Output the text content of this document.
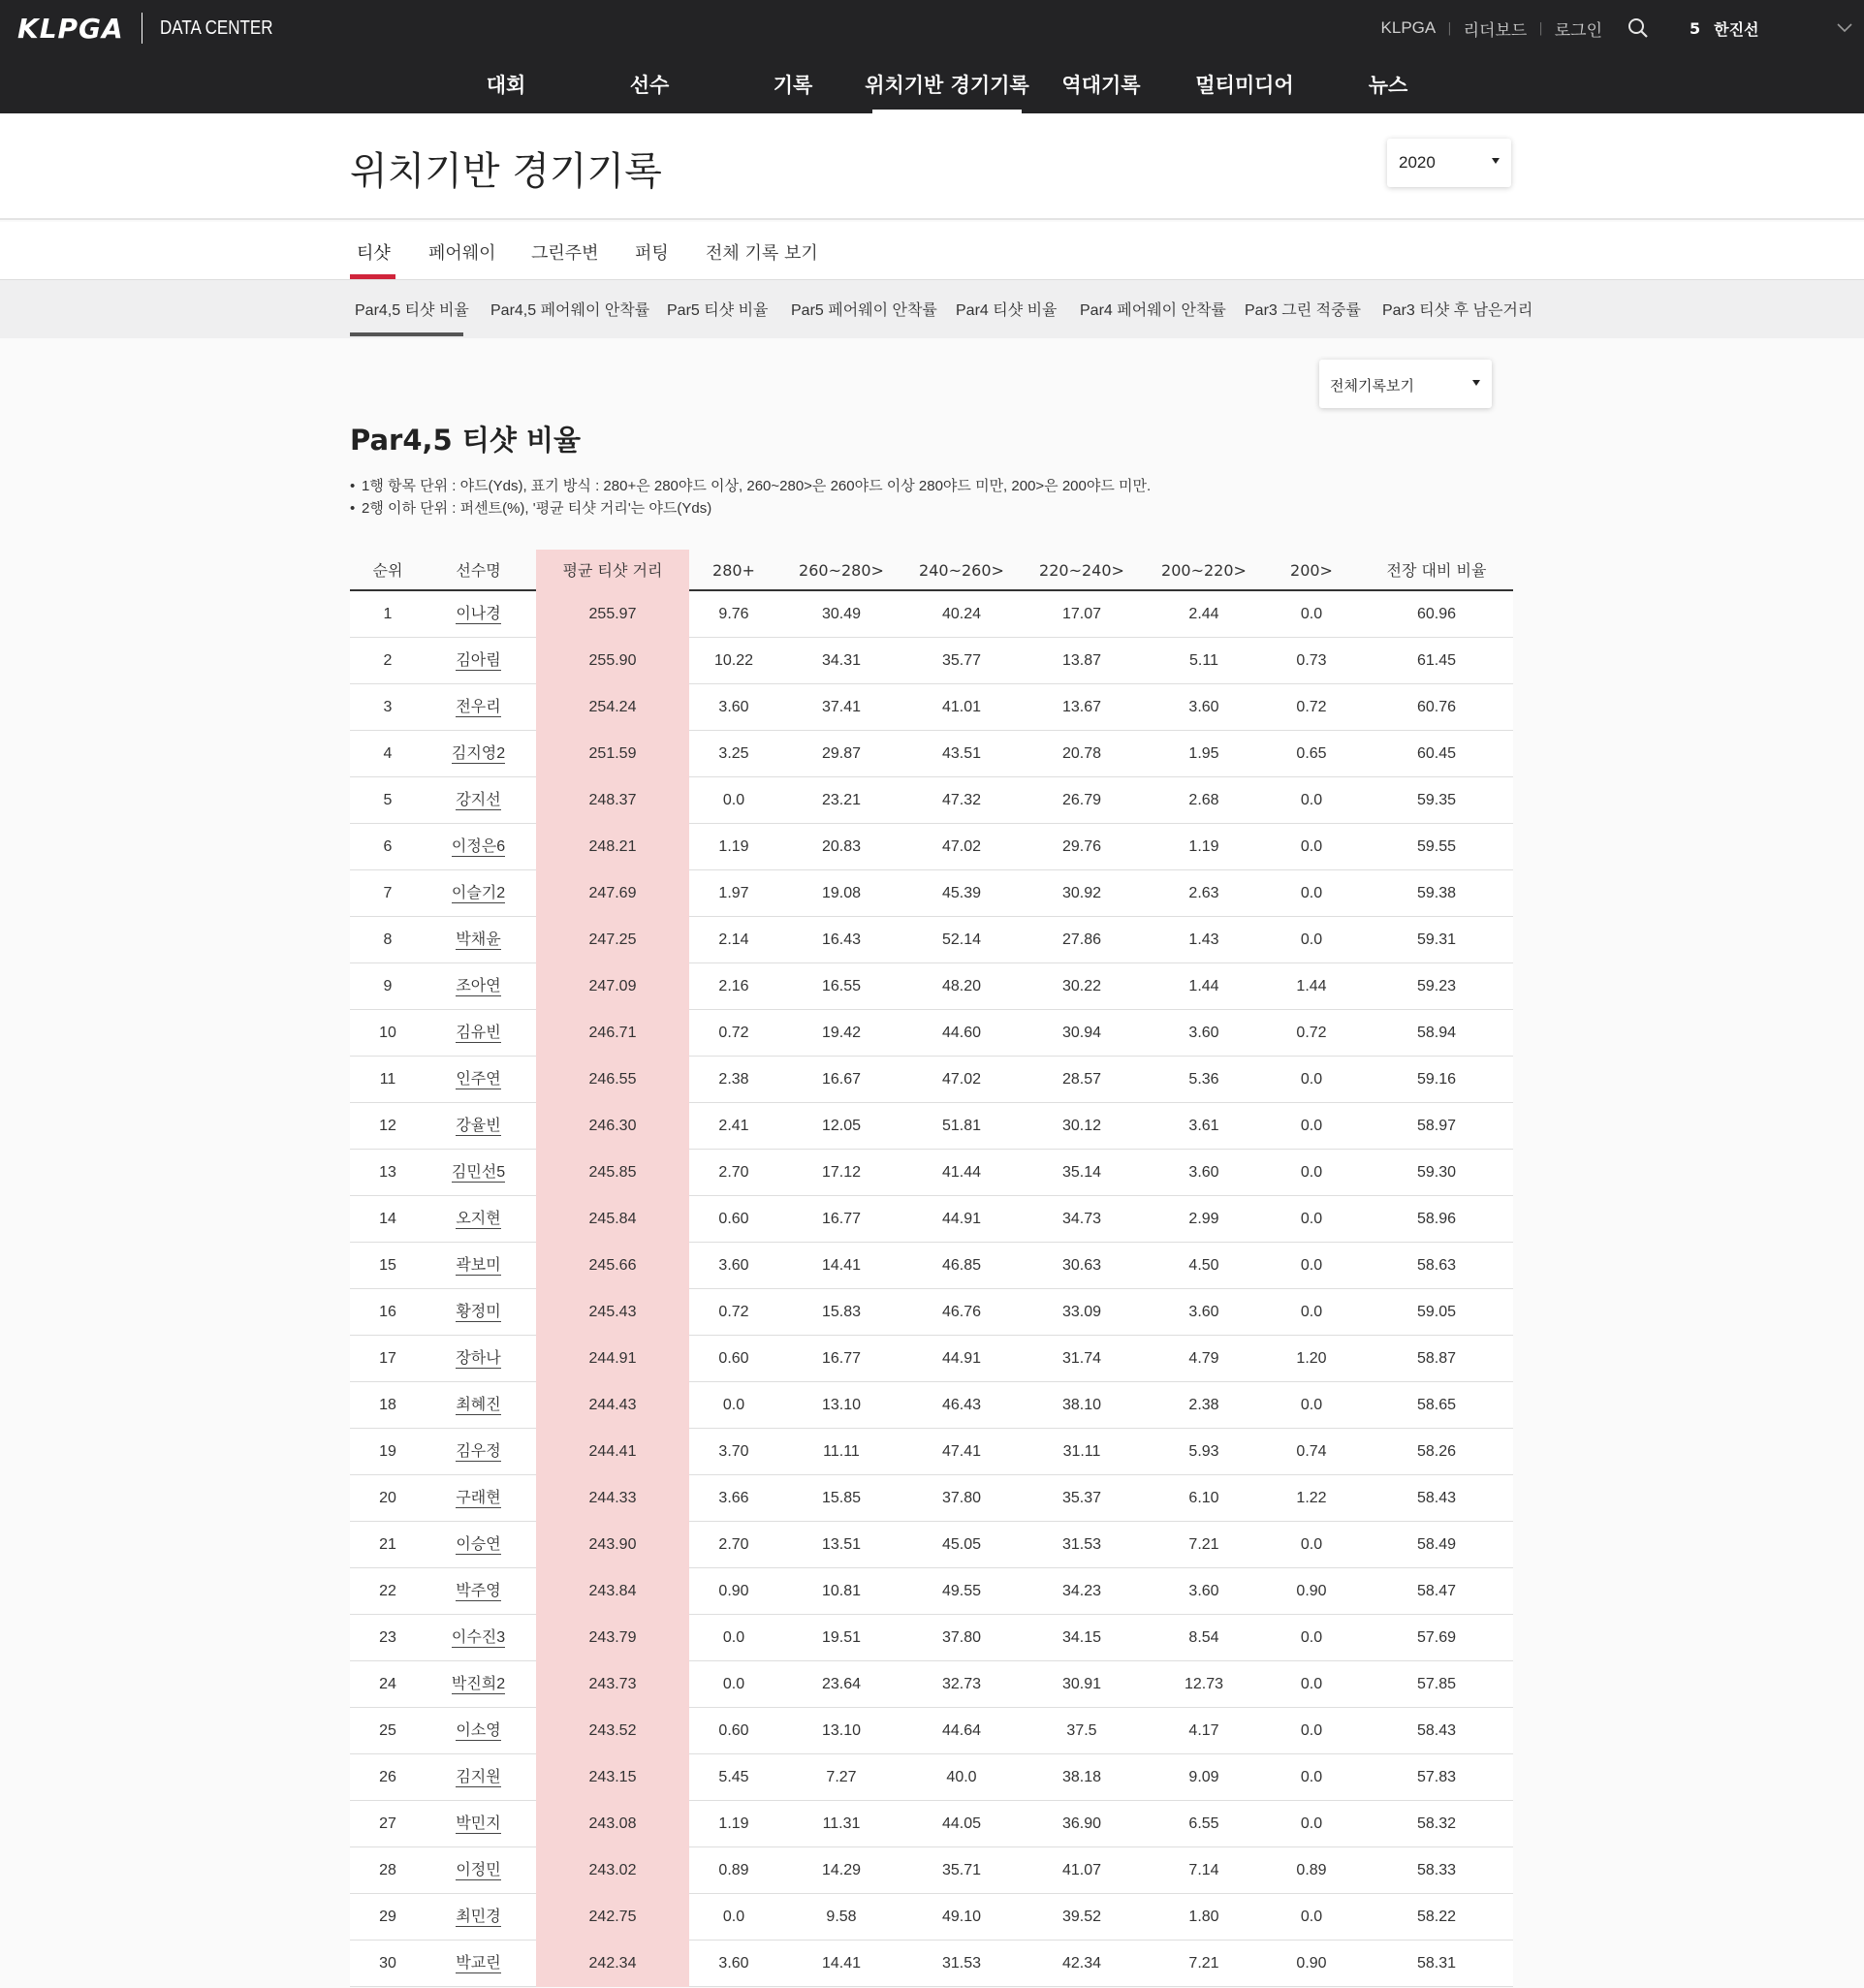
KLPGA DATA CENTER	KLPGA | 리더보드 | 로그인	5 한진선
대회	선수	기록	위치기반 경기기록	역대기록	멀티미디어	뉴스
위치기반 경기기록	2020
티샷 페어웨이 그린주변 퍼팅 전체 기록 보기
Par4,5 티샷 비율 Par4,5 페어웨이 안착률 Par5 티샷 비율 Par5 페어웨이 안착률 Par4 티샷 비율 Par4 페어웨이 안착률 Par3 그린 적중률 Par3 티샷 후 남은거리
전체기록보기
Par4,5 티샷 비율
• 1행 항목 단위 : 야드(Yds), 표기 방식 : 280+은 280야드 이상, 260~280>은 260야드 이상 280야드 미만, 200>은 200야드 미만.
• 2행 이하 단위 : 퍼센트(%), '평균 티샷 거리'는 야드(Yds)
순위	선수명	평균 티샷 거리	280+	260~280>	240~260>	220~240>	200~220>	200>	전장 대비 비율
1	이나경	255.97	9.76	30.49	40.24	17.07	2.44	0.0	60.96
2	김아림	255.90	10.22	34.31	35.77	13.87	5.11	0.73	61.45
3	전우리	254.24	3.60	37.41	41.01	13.67	3.60	0.72	60.76
4	김지영2	251.59	3.25	29.87	43.51	20.78	1.95	0.65	60.45
5	강지선	248.37	0.0	23.21	47.32	26.79	2.68	0.0	59.35
6	이정은6	248.21	1.19	20.83	47.02	29.76	1.19	0.0	59.55
7	이슬기2	247.69	1.97	19.08	45.39	30.92	2.63	0.0	59.38
8	박채윤	247.25	2.14	16.43	52.14	27.86	1.43	0.0	59.31
9	조아연	247.09	2.16	16.55	48.20	30.22	1.44	1.44	59.23
10	김유빈	246.71	0.72	19.42	44.60	30.94	3.60	0.72	58.94
11	인주연	246.55	2.38	16.67	47.02	28.57	5.36	0.0	59.16
12	강율빈	246.30	2.41	12.05	51.81	30.12	3.61	0.0	58.97
13	김민선5	245.85	2.70	17.12	41.44	35.14	3.60	0.0	59.30
14	오지현	245.84	0.60	16.77	44.91	34.73	2.99	0.0	58.96
15	곽보미	245.66	3.60	14.41	46.85	30.63	4.50	0.0	58.63
16	황정미	245.43	0.72	15.83	46.76	33.09	3.60	0.0	59.05
17	장하나	244.91	0.60	16.77	44.91	31.74	4.79	1.20	58.87
18	최혜진	244.43	0.0	13.10	46.43	38.10	2.38	0.0	58.65
19	김우정	244.41	3.70	11.11	47.41	31.11	5.93	0.74	58.26
20	구래현	244.33	3.66	15.85	37.80	35.37	6.10	1.22	58.43
21	이승연	243.90	2.70	13.51	45.05	31.53	7.21	0.0	58.49
22	박주영	243.84	0.90	10.81	49.55	34.23	3.60	0.90	58.47
23	이수진3	243.79	0.0	19.51	37.80	34.15	8.54	0.0	57.69
24	박진희2	243.73	0.0	23.64	32.73	30.91	12.73	0.0	57.85
25	이소영	243.52	0.60	13.10	44.64	37.5	4.17	0.0	58.43
26	김지원	243.15	5.45	7.27	40.0	38.18	9.09	0.0	57.83
27	박민지	243.08	1.19	11.31	44.05	36.90	6.55	0.0	58.32
28	이정민	243.02	0.89	14.29	35.71	41.07	7.14	0.89	58.33
29	최민경	242.75	0.0	9.58	49.10	39.52	1.80	0.0	58.22
30	박교린	242.34	3.60	14.41	31.53	42.34	7.21	0.90	58.31
